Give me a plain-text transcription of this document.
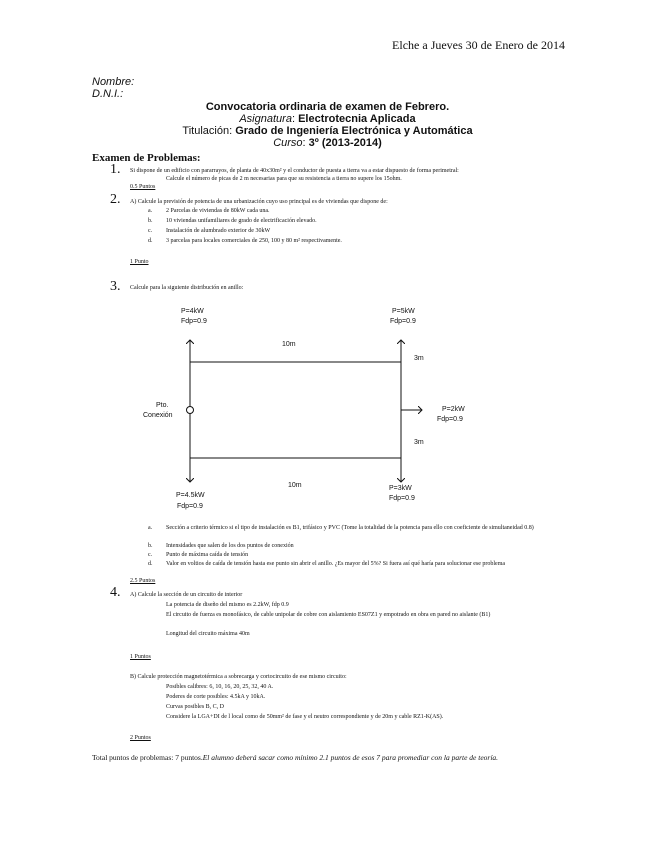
Elche a Jueves 30 de Enero de 2014
Nombre:
D.N.I.:
Convocatoria ordinaria de examen de Febrero.
Asignatura: Electrotecnia Aplicada
Titulación: Grado de Ingeniería Electrónica y Automática
Curso: 3º (2013-2014)
Examen de Problemas:
1. Si dispone de un edificio con pararrayos, de planta de 40x30m² y el conductor de puesta a tierra va a estar dispuesto de forma perimetral:
Calcule el número de picas de 2 m necesarias para que su resistencia a tierra no supere los 15ohm.
0.5 Puntos
2. A) Calcule la previsión de potencia de una urbanización cuyo uso principal es de viviendas que dispone de:
a. 2 Parcelas de viviendas de 80kW cada una.
b. 10 viviendas unifamiliares de grado de electrificación elevado.
c. Instalación de alumbrado exterior de 30kW
d. 3 parcelas para locales comerciales de 250, 100 y 80 m² respectivamente.
1 Punto
3. Calcule para la siguiente distribución en anillo:
P=4kW
Fdp=0.9
P=5kW
Fdp=0.9
10m
3m
Pto.
Conexión
P=2kW
Fdp=0.9
3m
10m	P=3kW
Fdp=0.9
P=4.5kW
Fdp=0.9
a. Sección a criterio térmico si el tipo de instalación es B1, trifásico y PVC (Tome la totalidad de la potencia para ello con coeficiente de simultaneidad 0.8)
b. Intensidades que salen de los dos puntos de conexión
c. Punto de máxima caída de tensión
d. Valor en voltios de caída de tensión hasta ese punto sin abrir el anillo. ¿Es mayor del 5%? Si fuera así qué haría para solucionar ese problema
2.5 Puntos
4. A) Calcule la sección de un circuito de interior
La potencia de diseño del mismo es 2.2kW, fdp 0.9
El circuito de fuerza es monofásico, de cable unipolar de cobre con aislamiento ES07Z1 y empotrado en obra en pared no aislante (B1)
Longitud del circuito máxima 40m
1 Puntos
B) Calcule protección magnetotérmica a sobrecarga y cortocircuito de ese mismo circuito:
Posibles calibres: 6, 10, 16, 20, 25, 32, 40 A.
Poderes de corte posibles: 4.5kA y 10kA.
Curvas posibles B, C, D
Considere la LGA+DI de l local como de 50mm² de fase y el neutro correspondiente y de 20m y cable RZ1-K(AS).
2 Puntos
Total puntos de problemas: 7 puntos.El alumno deberá sacar como mínimo 2.1 puntos de esos 7 para promediar con la parte de teoría.
